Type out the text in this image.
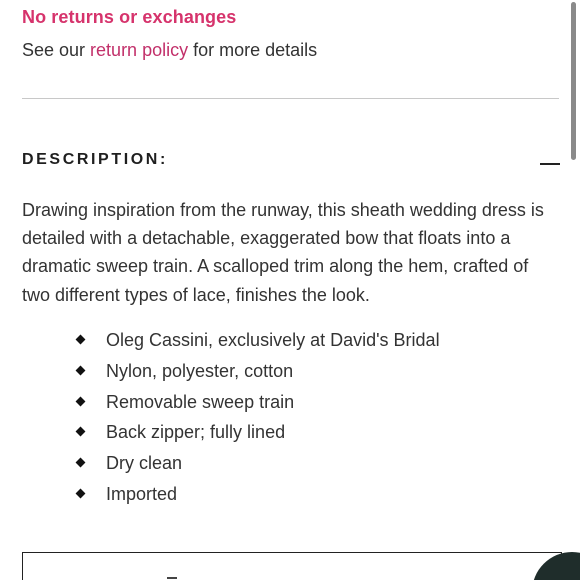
No returns or exchanges
See our return policy for more details
DESCRIPTION:

Drawing inspiration from the runway, this sheath wedding dress is detailed with a detachable, exaggerated bow that floats into a dramatic sweep train. A scalloped trim along the hem, crafted of two different types of lace, finishes the look.

Oleg Cassini, exclusively at David's Bridal
Nylon, polyester, cotton
Removable sweep train
Back zipper; fully lined
Dry clean
Imported
